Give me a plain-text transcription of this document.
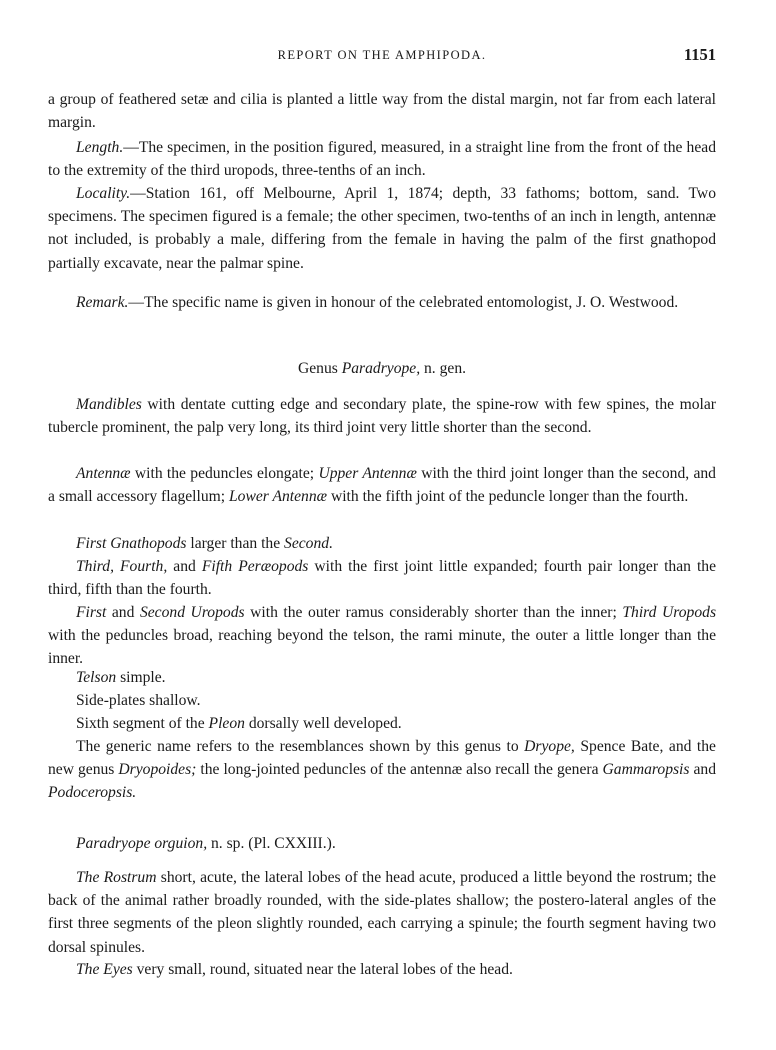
REPORT ON THE AMPHIPODA.	1151

a group of feathered setæ and cilia is planted a little way from the distal margin, not far from each lateral margin.

Length.—The specimen, in the position figured, measured, in a straight line from the front of the head to the extremity of the third uropods, three-tenths of an inch.

Locality.—Station 161, off Melbourne, April 1, 1874; depth, 33 fathoms; bottom, sand. Two specimens. The specimen figured is a female; the other specimen, two-tenths of an inch in length, antennæ not included, is probably a male, differing from the female in having the palm of the first gnathopod partially excavate, near the palmar spine.

Remark.—The specific name is given in honour of the celebrated entomologist, J. O. Westwood.

Genus Paradryope, n. gen.

Mandibles with dentate cutting edge and secondary plate, the spine-row with few spines, the molar tubercle prominent, the palp very long, its third joint very little shorter than the second.

Antennæ with the peduncles elongate; Upper Antennæ with the third joint longer than the second, and a small accessory flagellum; Lower Antennæ with the fifth joint of the peduncle longer than the fourth.

First Gnathopods larger than the Second.

Third, Fourth, and Fifth Peræopods with the first joint little expanded; fourth pair longer than the third, fifth than the fourth.

First and Second Uropods with the outer ramus considerably shorter than the inner; Third Uropods with the peduncles broad, reaching beyond the telson, the rami minute, the outer a little longer than the inner.

Telson simple.

Side-plates shallow.

Sixth segment of the Pleon dorsally well developed.

The generic name refers to the resemblances shown by this genus to Dryope, Spence Bate, and the new genus Dryopoides; the long-jointed peduncles of the antennæ also recall the genera Gammaropsis and Podoceropsis.

Paradryope orguion, n. sp. (Pl. CXXIII.).

The Rostrum short, acute, the lateral lobes of the head acute, produced a little beyond the rostrum; the back of the animal rather broadly rounded, with the side-plates shallow; the postero-lateral angles of the first three segments of the pleon slightly rounded, each carrying a spinule; the fourth segment having two dorsal spinules.

The Eyes very small, round, situated near the lateral lobes of the head.
